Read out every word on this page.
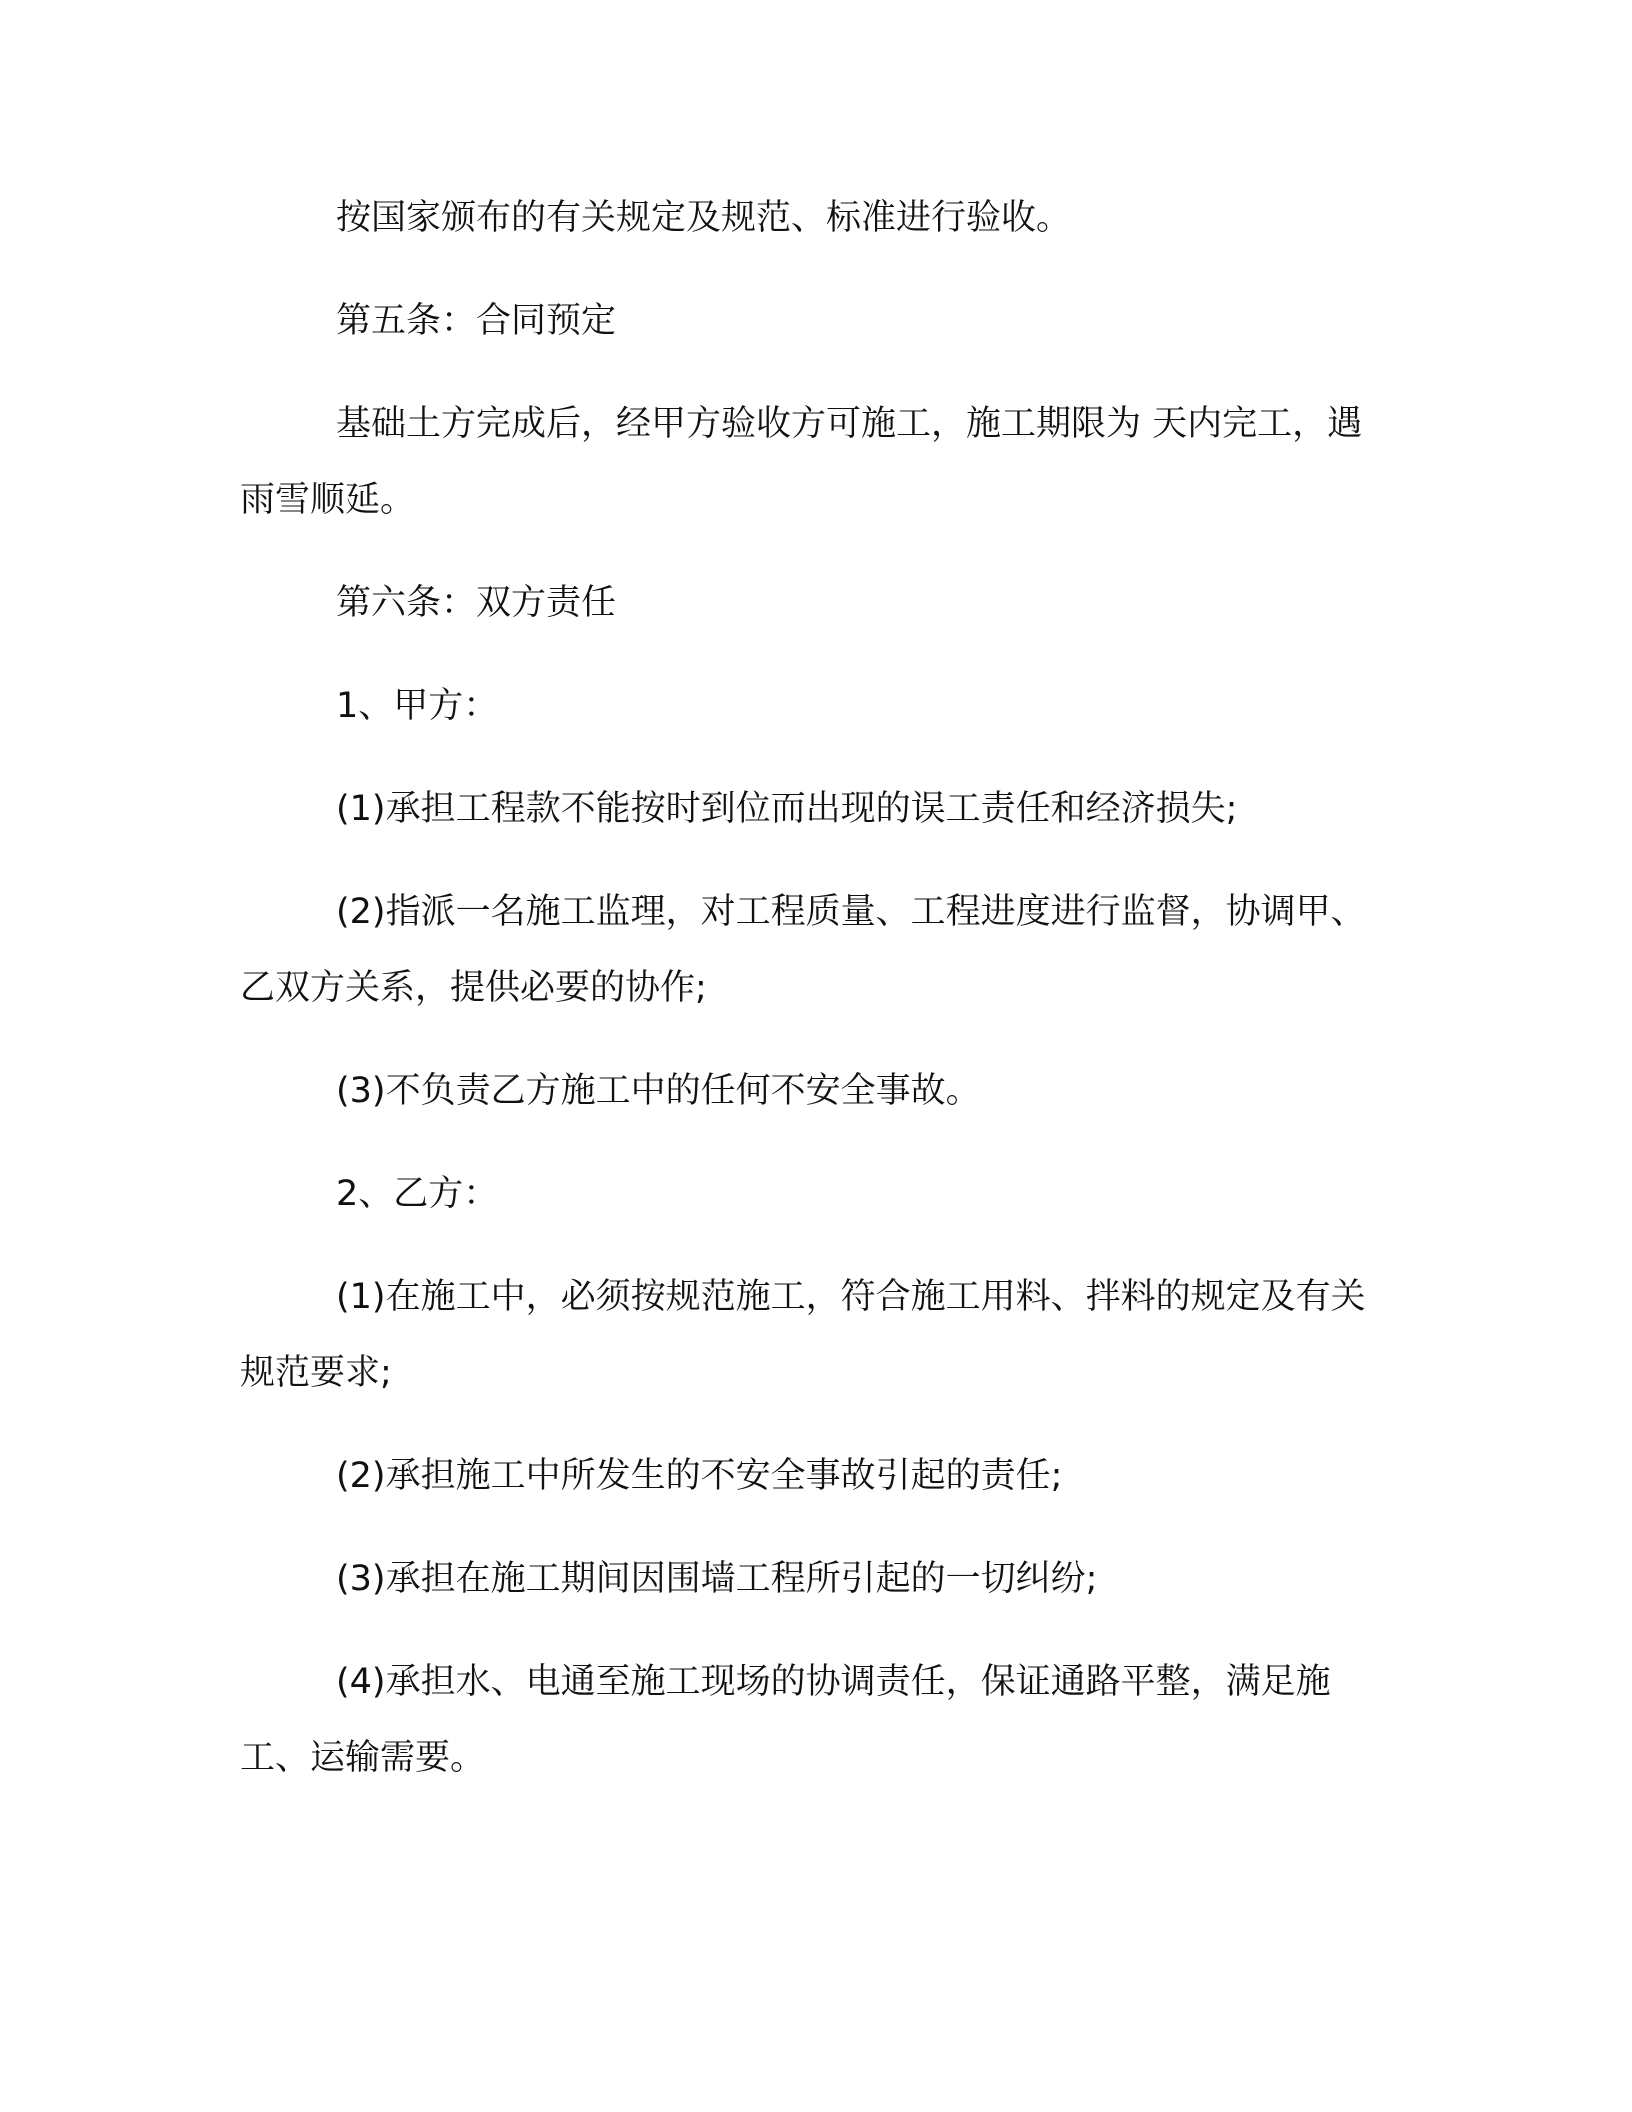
按国家颁布的有关规定及规范、标准进行验收。

第五条：合同预定

基础土方完成后，经甲方验收方可施工，施工期限为 天内完工，遇雨雪顺延。

第六条：双方责任

1、甲方：

(1)承担工程款不能按时到位而出现的误工责任和经济损失;

(2)指派一名施工监理，对工程质量、工程进度进行监督，协调甲、乙双方关系，提供必要的协作;

(3)不负责乙方施工中的任何不安全事故。

2、乙方：

(1)在施工中，必须按规范施工，符合施工用料、拌料的规定及有关规范要求;

(2)承担施工中所发生的不安全事故引起的责任;

(3)承担在施工期间因围墙工程所引起的一切纠纷;

(4)承担水、电通至施工现场的协调责任，保证通路平整，满足施工、运输需要。
